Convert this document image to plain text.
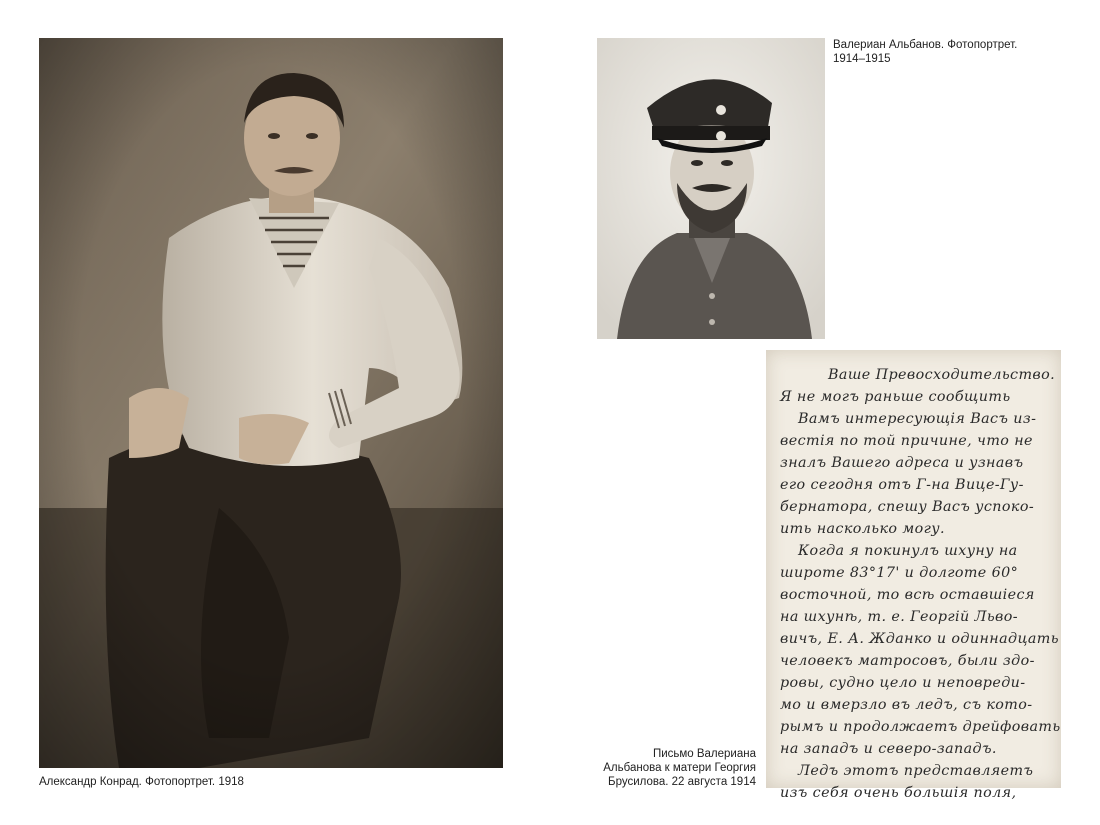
Александр Конрад. Фотопортрет. 1918
Валериан Альбанов. Фотопортрет.
1914–1915
Ваше Превосходительство.
Я не могъ раньше сообщить
Вамъ интересующія Васъ из-
вестія по той причине, что не
зналъ Вашего адреса и узнавъ
его сегодня отъ Г-на Вице-Гу-
бернатора, спешу Васъ успоко-
ить насколько могу.
Когда я покинулъ шхуну на
широте 83°17' и долготе 60°
восточной, то всѣ оставшіеся
на шхунѣ, т. е. Георгій Льво-
вичъ, Е. А. Жданко и одиннадцать
человекъ матросовъ, были здо-
ровы, судно цело и неповреди-
мо и вмерзло въ ледъ, съ кото-
рымъ и продолжаетъ дрейфовать
на западъ и северо-западъ.
Ледъ этотъ представляетъ
изъ себя очень большія поля,
Письмо Валериана
Альбанова к матери Георгия
Брусилова. 22 августа 1914
